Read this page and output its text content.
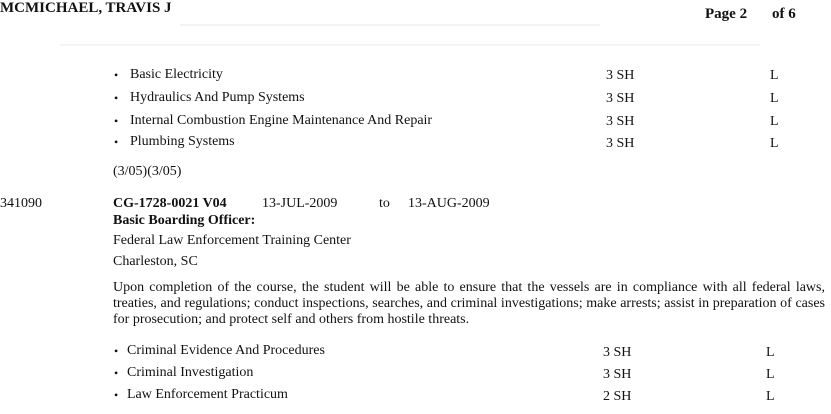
MCMICHAEL, TRAVIS J	Page 2 of 6
• Basic Electricity	3 SH	L
• Hydraulics And Pump Systems	3 SH	L
• Internal Combustion Engine Maintenance And Repair	3 SH	L
• Plumbing Systems	3 SH	L
(3/05)(3/05)
341090	CG-1728-0021 V04	13-JUL-2009	to 13-AUG-2009
Basic Boarding Officer:
Federal Law Enforcement Training Center
Charleston, SC
Upon completion of the course, the student will be able to ensure that the vessels are in compliance with all federal laws, treaties, and regulations; conduct inspections, searches, and criminal investigations; make arrests; assist in preparation of cases for prosecution; and protect self and others from hostile threats.
• Criminal Evidence And Procedures	3 SH	L
• Criminal Investigation	3 SH	L
• Law Enforcement Practicum	2 SH	L
